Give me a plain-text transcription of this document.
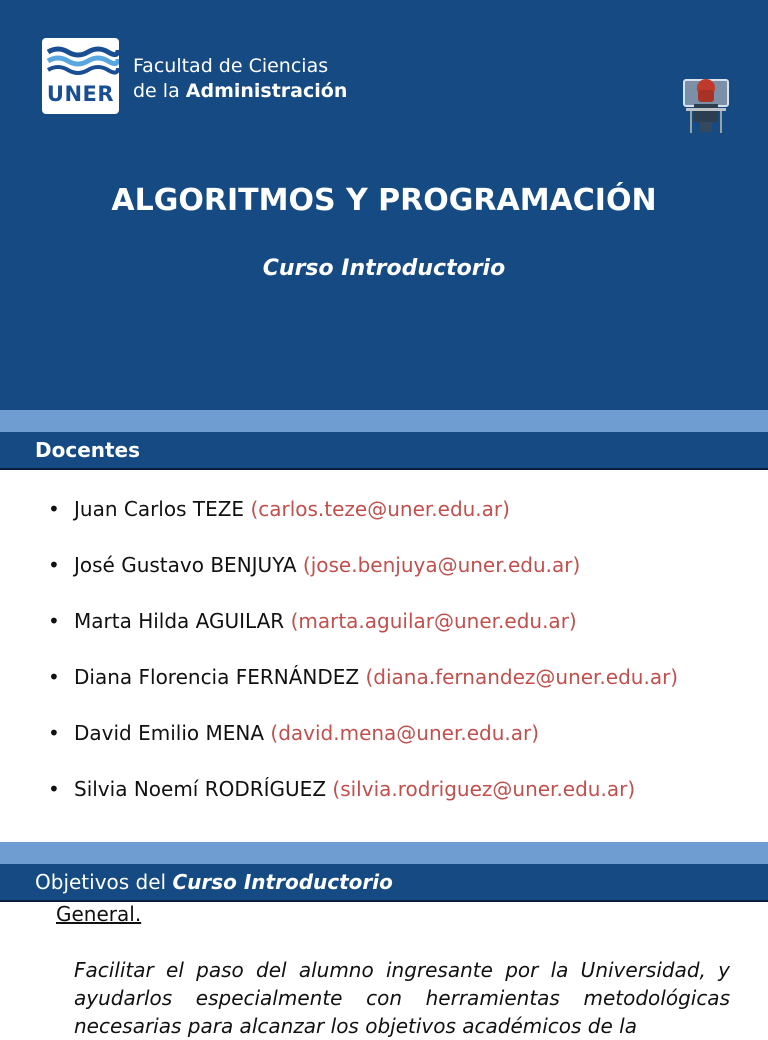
UNER
Facultad de Ciencias
de la Administración
ALGORITMOS Y PROGRAMACIÓN
Curso Introductorio
Docentes
• Juan Carlos TEZE (carlos.teze@uner.edu.ar)
• José Gustavo BENJUYA (jose.benjuya@uner.edu.ar)
• Marta Hilda AGUILAR (marta.aguilar@uner.edu.ar)
• Diana Florencia FERNÁNDEZ (diana.fernandez@uner.edu.ar)
• David Emilio MENA (david.mena@uner.edu.ar)
• Silvia Noemí RODRÍGUEZ (silvia.rodriguez@uner.edu.ar)
Objetivos del Curso Introductorio
General.
Facilitar el paso del alumno ingresante por la Universidad, y ayudarlos especialmente con herramientas metodológicas necesarias para alcanzar los objetivos académicos de la
